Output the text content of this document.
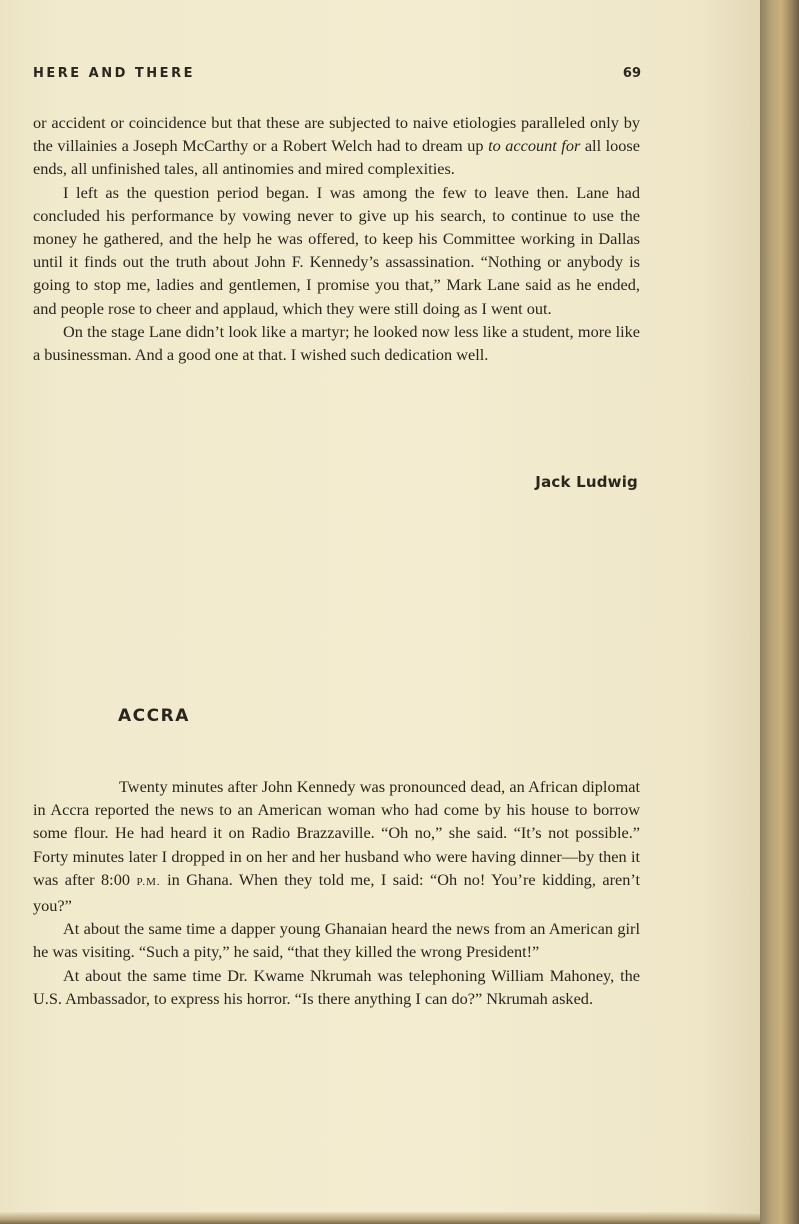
HERE AND THERE	69

or accident or coincidence but that these are subjected to naive etiologies paralleled only by the villainies a Joseph McCarthy or a Robert Welch had to dream up to account for all loose ends, all unfinished tales, all antinomies and mired complexities.

I left as the question period began. I was among the few to leave then. Lane had concluded his performance by vowing never to give up his search, to continue to use the money he gathered, and the help he was offered, to keep his Committee working in Dallas until it finds out the truth about John F. Kennedy’s assassination. “Nothing or anybody is going to stop me, ladies and gentlemen, I promise you that,” Mark Lane said as he ended, and people rose to cheer and applaud, which they were still doing as I went out.

On the stage Lane didn’t look like a martyr; he looked now less like a student, more like a businessman. And a good one at that. I wished such dedication well.

Jack Ludwig
ACCRA

Twenty minutes after John Kennedy was pronounced dead, an African diplomat in Accra reported the news to an American woman who had come by his house to borrow some flour. He had heard it on Radio Brazzaville. “Oh no,” she said. “It’s not possible.” Forty minutes later I dropped in on her and her husband who were having dinner—by then it was after 8:00 P.M. in Ghana. When they told me, I said: “Oh no! You’re kidding, aren’t you?”

At about the same time a dapper young Ghanaian heard the news from an American girl he was visiting. “Such a pity,” he said, “that they killed the wrong President!”

At about the same time Dr. Kwame Nkrumah was telephoning William Mahoney, the U.S. Ambassador, to express his horror. “Is there anything I can do?” Nkrumah asked.
